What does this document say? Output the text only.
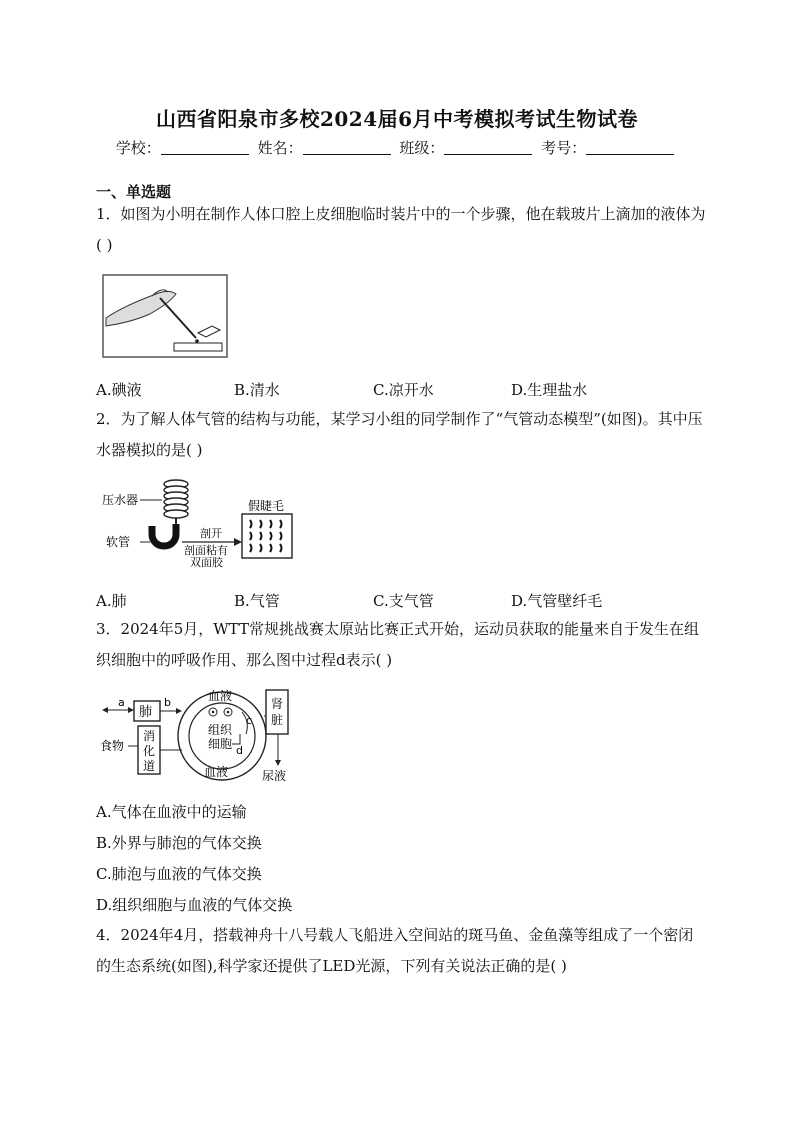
山西省阳泉市多校2024届6月中考模拟考试生物试卷
学校：	姓名：	班级：	考号：
一、单选题
1．如图为小明在制作人体口腔上皮细胞临时装片中的一个步骤，他在载玻片上滴加的液体为( )
A.碘液	B.清水	C.凉开水	D.生理盐水
2．为了解人体气管的结构与功能，某学习小组的同学制作了“气管动态模型”(如图)。其中压水器模拟的是( )
压水器
软管
剖开
剖面粘有
双面胶
假睫毛
A.肺	B.气管	C.支气管	D.气管壁纤毛
3．2024年5月，WTT常规挑战赛太原站比赛正式开始，运动员获取的能量来自于发生在组织细胞中的呼吸作用、那么图中过程d表示( )
a
肺
b
食物
消 化 道
血液
组织
细胞
血液
c
d
肾脏
尿液
A.气体在血液中的运输
B.外界与肺泡的气体交换
C.肺泡与血液的气体交换
D.组织细胞与血液的气体交换
4．2024年4月，搭载神舟十八号载人飞船进入空间站的斑马鱼、金鱼藻等组成了一个密闭的生态系统(如图),科学家还提供了LED光源，下列有关说法正确的是( )
